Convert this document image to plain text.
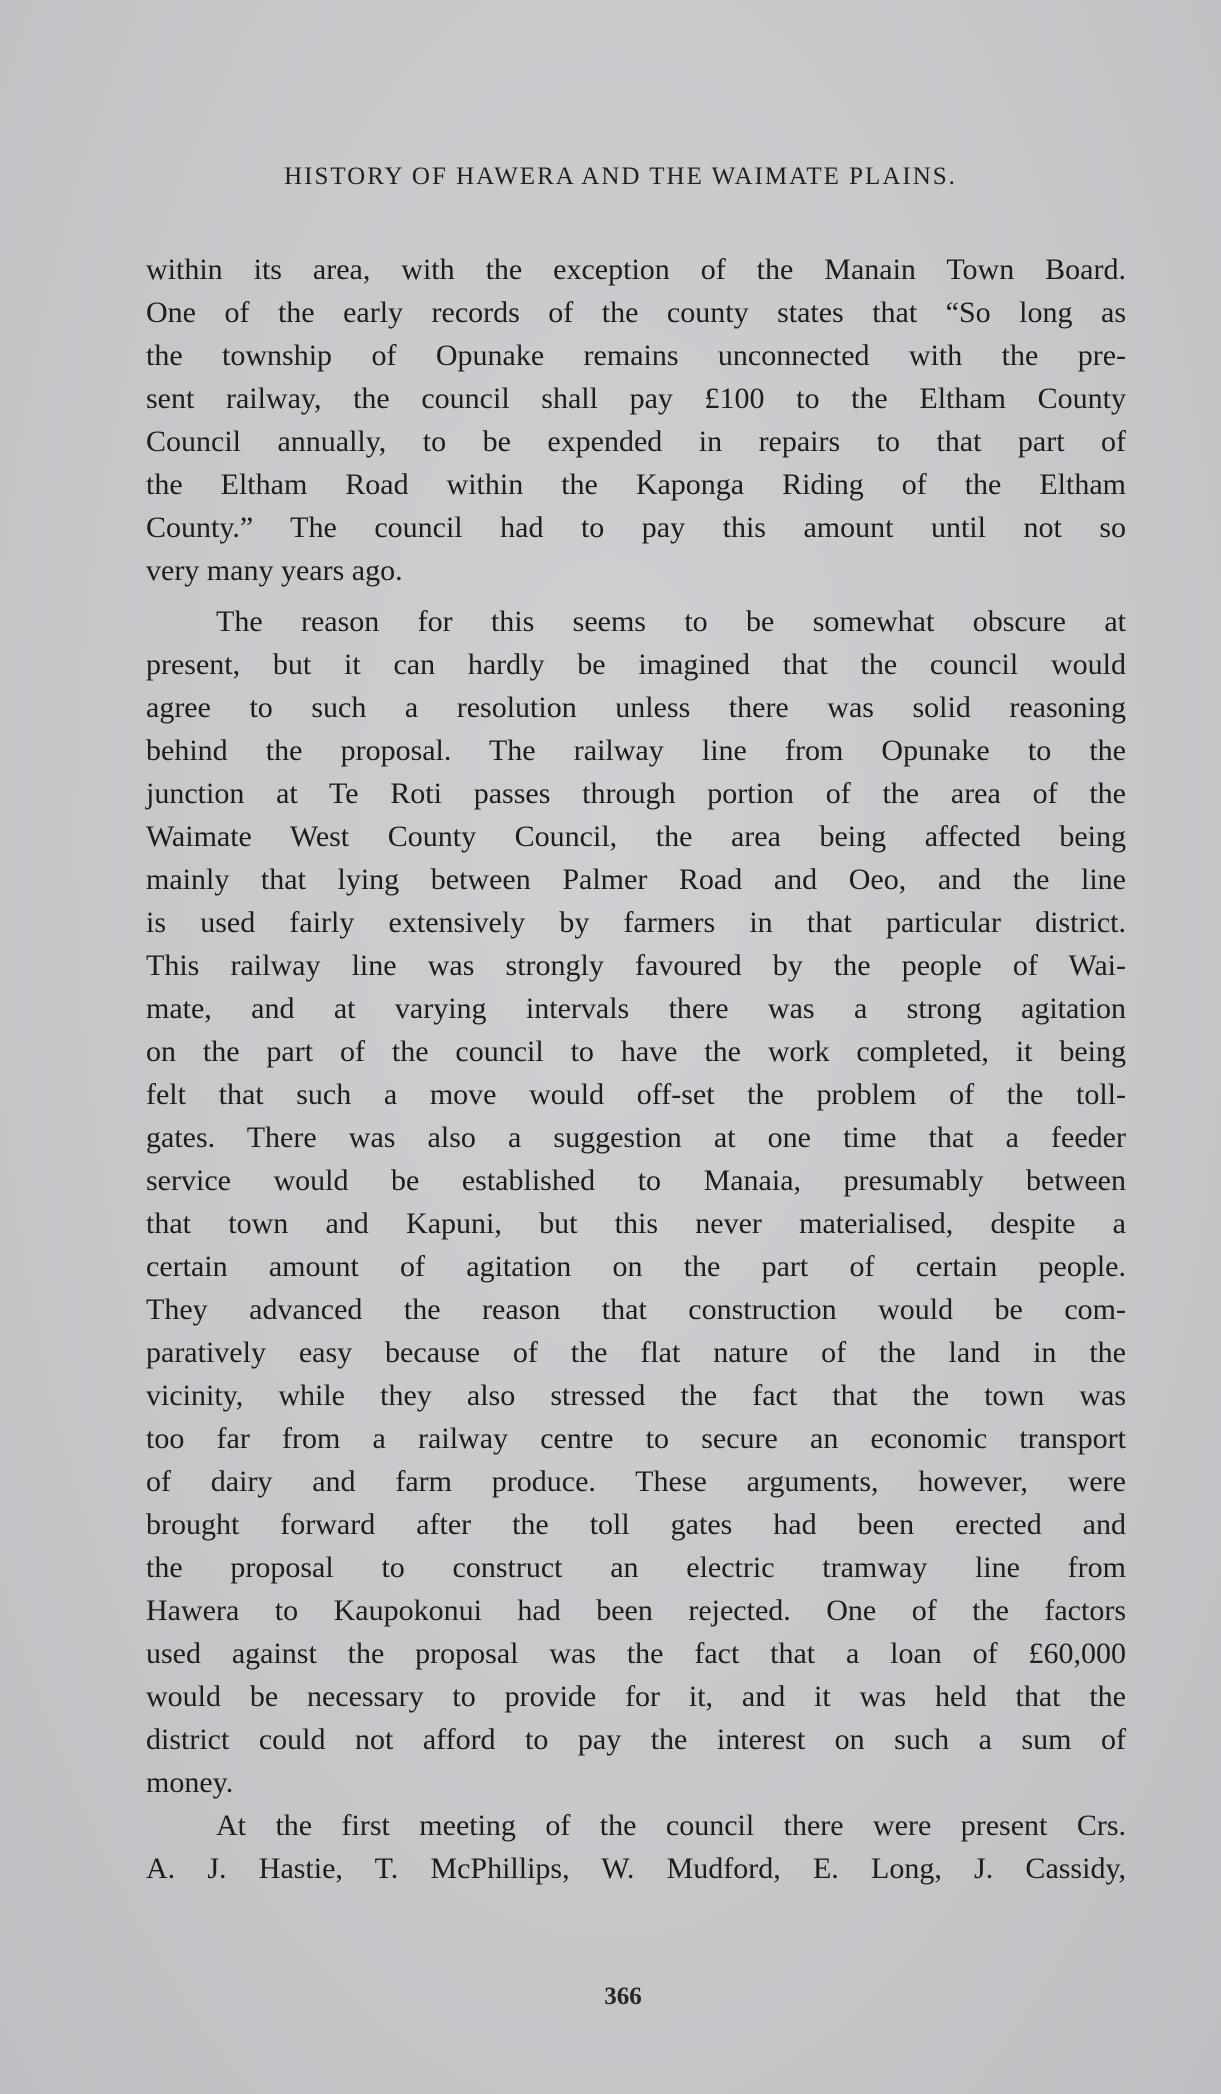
HISTORY OF HAWERA AND THE WAIMATE PLAINS.
within its area, with the exception of the Manain Town Board.
One of the early records of the county states that “So long as
the township of Opunake remains unconnected with the pre-
sent railway, the council shall pay £100 to the Eltham County
Council annually, to be expended in repairs to that part of
the Eltham Road within the Kaponga Riding of the Eltham
County.” The council had to pay this amount until not so
very many years ago.
The reason for this seems to be somewhat obscure at
present, but it can hardly be imagined that the council would
agree to such a resolution unless there was solid reasoning
behind the proposal. The railway line from Opunake to the
junction at Te Roti passes through portion of the area of the
Waimate West County Council, the area being affected being
mainly that lying between Palmer Road and Oeo, and the line
is used fairly extensively by farmers in that particular district.
This railway line was strongly favoured by the people of Wai-
mate, and at varying intervals there was a strong agitation
on the part of the council to have the work completed, it being
felt that such a move would off-set the problem of the toll-
gates. There was also a suggestion at one time that a feeder
service would be established to Manaia, presumably between
that town and Kapuni, but this never materialised, despite a
certain amount of agitation on the part of certain people.
They advanced the reason that construction would be com-
paratively easy because of the flat nature of the land in the
vicinity, while they also stressed the fact that the town was
too far from a railway centre to secure an economic transport
of dairy and farm produce. These arguments, however, were
brought forward after the toll gates had been erected and
the proposal to construct an electric tramway line from
Hawera to Kaupokonui had been rejected. One of the factors
used against the proposal was the fact that a loan of £60,000
would be necessary to provide for it, and it was held that the
district could not afford to pay the interest on such a sum of
money.
At the first meeting of the council there were present Crs.
A. J. Hastie, T. McPhillips, W. Mudford, E. Long, J. Cassidy,
366
